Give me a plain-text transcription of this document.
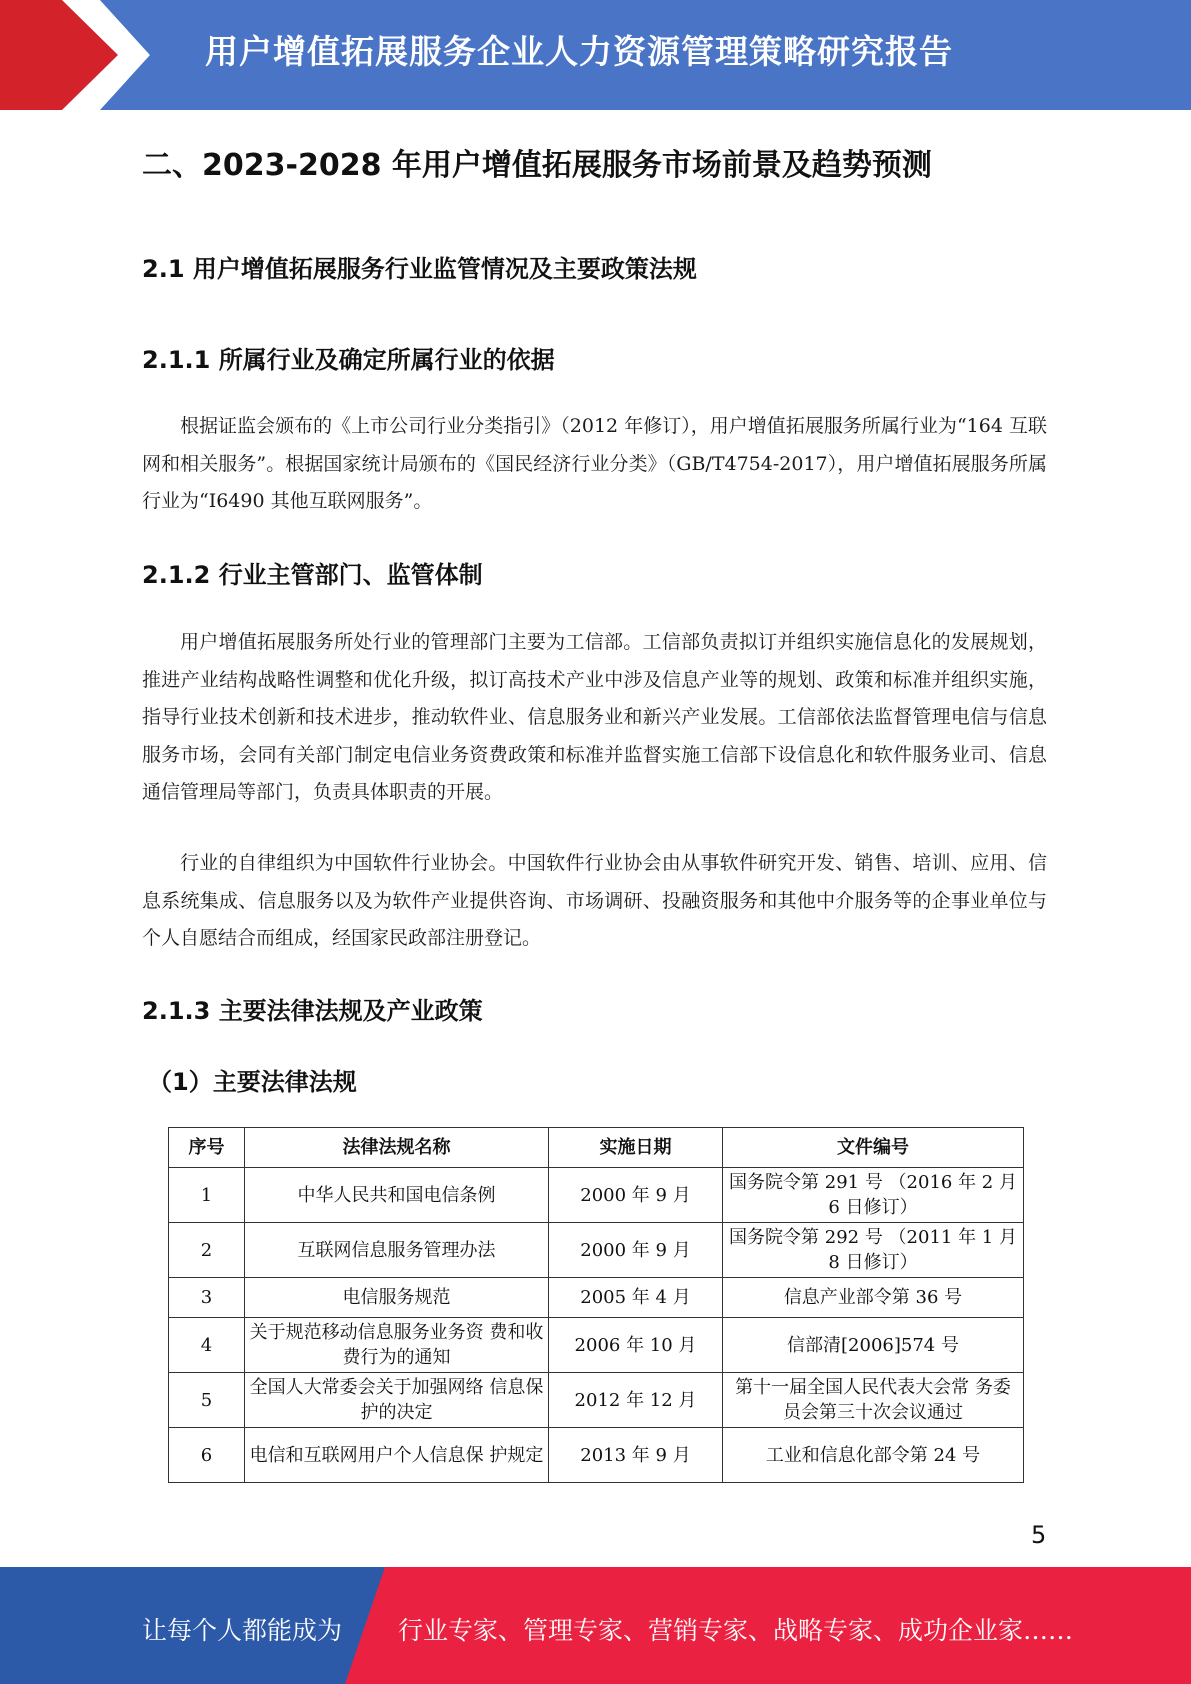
用户增值拓展服务企业人力资源管理策略研究报告
二、2023-2028 年用户增值拓展服务市场前景及趋势预测
2.1 用户增值拓展服务行业监管情况及主要政策法规
2.1.1 所属行业及确定所属行业的依据

根据证监会颁布的《上市公司行业分类指引》（2012 年修订），用户增值拓展服务所属行业为“164 互联网和相关服务”。根据国家统计局颁布的《国民经济行业分类》（GB/T4754-2017），用户增值拓展服务所属行业为“I6490 其他互联网服务”。

2.1.2 行业主管部门、监管体制

用户增值拓展服务所处行业的管理部门主要为工信部。工信部负责拟订并组织实施信息化的发展规划，推进产业结构战略性调整和优化升级，拟订高技术产业中涉及信息产业等的规划、政策和标准并组织实施，指导行业技术创新和技术进步，推动软件业、信息服务业和新兴产业发展。工信部依法监督管理电信与信息服务市场，会同有关部门制定电信业务资费政策和标准并监督实施工信部下设信息化和软件服务业司、信息通信管理局等部门，负责具体职责的开展。

行业的自律组织为中国软件行业协会。中国软件行业协会由从事软件研究开发、销售、培训、应用、信息系统集成、信息服务以及为软件产业提供咨询、市场调研、投融资服务和其他中介服务等的企事业单位与个人自愿结合而组成，经国家民政部注册登记。

2.1.3 主要法律法规及产业政策
（1）主要法律法规
序号	法律法规名称	实施日期	文件编号
1	中华人民共和国电信条例	2000 年 9 月	国务院令第 291 号 （2016 年 2 月 6 日修订）
2	互联网信息服务管理办法	2000 年 9 月	国务院令第 292 号 （2011 年 1 月 8 日修订）
3	电信服务规范	2005 年 4 月	信息产业部令第 36 号
4	关于规范移动信息服务业务资 费和收费行为的通知	2006 年 10 月	信部清[2006]574 号
5	全国人大常委会关于加强网络 信息保护的决定	2012 年 12 月	第十一届全国人民代表大会常 务委员会第三十次会议通过
6	电信和互联网用户个人信息保 护规定	2013 年 9 月	工业和信息化部令第 24 号
5
让每个人都能成为 行业专家、管理专家、营销专家、战略专家、成功企业家……
